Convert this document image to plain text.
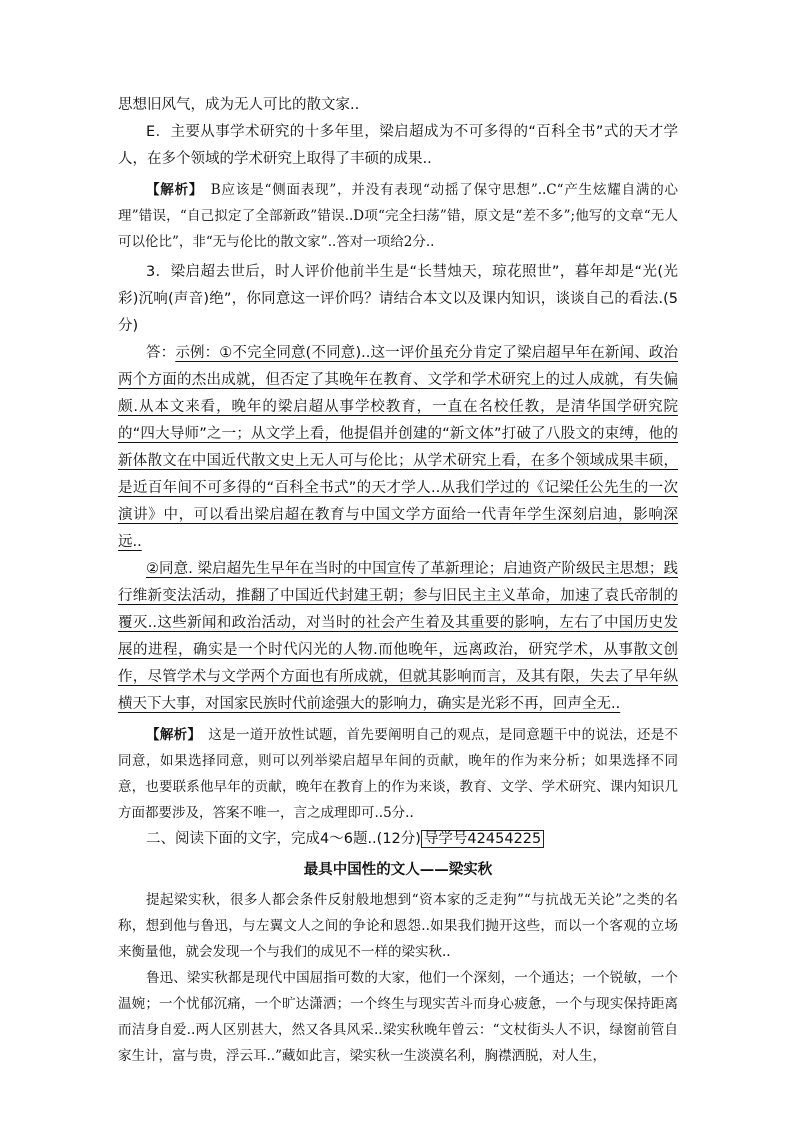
思想旧风气，成为无人可比的散文家..

E．主要从事学术研究的十多年里，梁启超成为不可多得的“百科全书”式的天才学人，在多个领域的学术研究上取得了丰硕的成果..

【解析】　 B应该是“侧面表现”，并没有表现“动摇了保守思想”..C“产生炫耀自满的心理”错误，“自己拟定了全部新政”错误..D项“完全扫荡”错，原文是“差不多”;他写的文章“无人可以伦比”，非“无与伦比的散文家”..答对一项给2分..

3．梁启超去世后，时人评价他前半生是“长彗烛天，琼花照世”，暮年却是“光(光彩)沉响(声音)绝”，你同意这一评价吗？请结合本文以及课内知识，谈谈自己的看法.(5分)

答：示例：①不完全同意(不同意)..这一评价虽充分肯定了梁启超早年在新闻、政治两个方面的杰出成就，但否定了其晚年在教育、文学和学术研究上的过人成就，有失偏颇.从本文来看，晚年的梁启超从事学校教育，一直在名校任教，是清华国学研究院的“四大导师”之一；从文学上看，他提倡并创建的“新文体”打破了八股文的束缚，他的新体散文在中国近代散文史上无人可与伦比；从学术研究上看，在多个领域成果丰硕，是近百年间不可多得的“百科全书式”的天才学人..从我们学过的《记梁任公先生的一次演讲》中，可以看出梁启超在教育与中国文学方面给一代青年学生深刻启迪，影响深远..

②同意. 梁启超先生早年在当时的中国宣传了革新理论；启迪资产阶级民主思想；践行维新变法活动，推翻了中国近代封建王朝；参与旧民主主义革命，加速了袁氏帝制的覆灭..这些新闻和政治活动，对当时的社会产生着及其重要的影响，左右了中国历史发展的进程，确实是一个时代闪光的人物.而他晚年，远离政治，研究学术，从事散文创作，尽管学术与文学两个方面也有所成就，但就其影响而言，及其有限，失去了早年纵横天下大事，对国家民族时代前途强大的影响力，确实是光彩不再，回声全无..

【解析】　 这是一道开放性试题，首先要阐明自己的观点，是同意题干中的说法，还是不同意，如果选择同意，则可以列举梁启超早年间的贡献，晚年的作为来分析；如果选择不同意，也要联系他早年的贡献，晚年在教育上的作为来谈，教育、文学、学术研究、课内知识几方面都要涉及，答案不唯一，言之成理即可..5分..

二、阅读下面的文字，完成4～6题..(12分) 导学号42454225

最具中国性的文人——梁实秋

提起梁实秋，很多人都会条件反射般地想到“资本家的乏走狗”“与抗战无关论”之类的名称，想到他与鲁迅，与左翼文人之间的争论和恩怨..如果我们抛开这些，而以一个客观的立场来衡量他，就会发现一个与我们的成见不一样的梁实秋..

鲁迅、梁实秋都是现代中国屈指可数的大家，他们一个深刻，一个通达；一个锐敏，一个温婉；一个忧郁沉痛，一个旷达潇洒；一个终生与现实苦斗而身心疲惫，一个与现实保持距离而洁身自爱..两人区别甚大，然又各具风采..梁实秋晚年曾云：“文杖街头人不识，绿窗前管自家生计，富与贵，浮云耳..”藏如此言，梁实秋一生淡漠名利，胸襟洒脱，对人生，
